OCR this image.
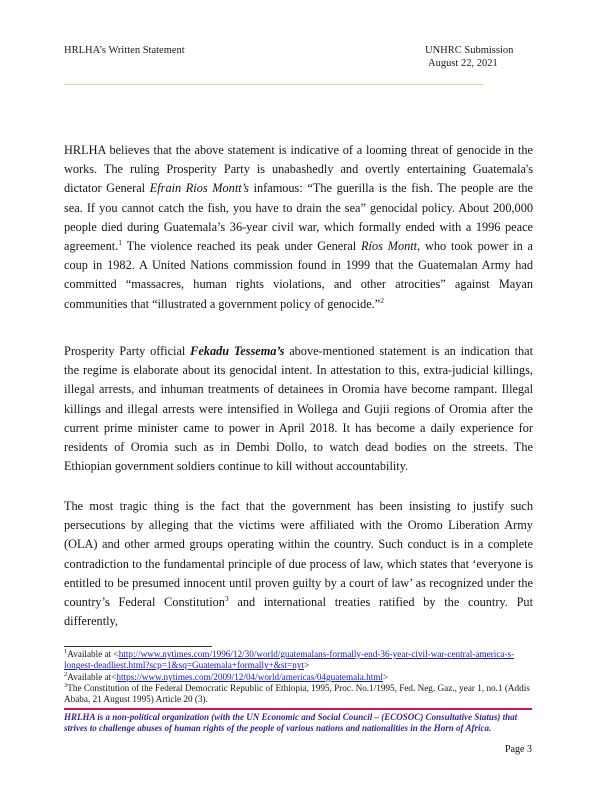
HRLHA’s Written Statement	UNHRC Submission
August 22, 2021

HRLHA believes that the above statement is indicative of a looming threat of genocide in the works. The ruling Prosperity Party is unabashedly and overtly entertaining Guatemala's dictator General Efrain Rios Montt’s infamous: “The guerilla is the fish. The people are the sea. If you cannot catch the fish, you have to drain the sea” genocidal policy. About 200,000 people died during Guatemala’s 36-year civil war, which formally ended with a 1996 peace agreement.$^1$ The violence reached its peak under General Ríos Montt, who took power in a coup in 1982. A United Nations commission found in 1999 that the Guatemalan Army had committed “massacres, human rights violations, and other atrocities” against Mayan communities that “illustrated a government policy of genocide.”$^2$

Prosperity Party official Fekadu Tessema’s above-mentioned statement is an indication that the regime is elaborate about its genocidal intent. In attestation to this, extra-judicial killings, illegal arrests, and inhuman treatments of detainees in Oromia have become rampant. Illegal killings and illegal arrests were intensified in Wollega and Gujii regions of Oromia after the current prime minister came to power in April 2018. It has become a daily experience for residents of Oromia such as in Dembi Dollo, to watch dead bodies on the streets. The Ethiopian government soldiers continue to kill without accountability.

The most tragic thing is the fact that the government has been insisting to justify such persecutions by alleging that the victims were affiliated with the Oromo Liberation Army (OLA) and other armed groups operating within the country. Such conduct is in a complete contradiction to the fundamental principle of due process of law, which states that ‘everyone is entitled to be presumed innocent until proven guilty by a court of law’ as recognized under the country’s Federal Constitution$^3$ and international treaties ratified by the country. Put differently,

$^1$Available at <http://www.nytimes.com/1996/12/30/world/guatemalans-formally-end-36-year-civil-war-central-america-s-longest-deadliest.html?scp=1&sq=Guatemala+formally+&st=nyt>

$^2$Available at<https://www.nytimes.com/2009/12/04/world/americas/04guatemala.html>

$^3$The Constitution of the Federal Democratic Republic of Ethiopia, 1995, Proc. No.1/1995, Fed. Neg. Gaz., year 1, no.1 (Addis Ababa, 21 August 1995) Article 20 (3).

HRLHA is a non-political organization (with the UN Economic and Social Council – (ECOSOC) Consultative Status) that strives to challenge abuses of human rights of the people of various nations and nationalities in the Horn of Africa.

Page 3
